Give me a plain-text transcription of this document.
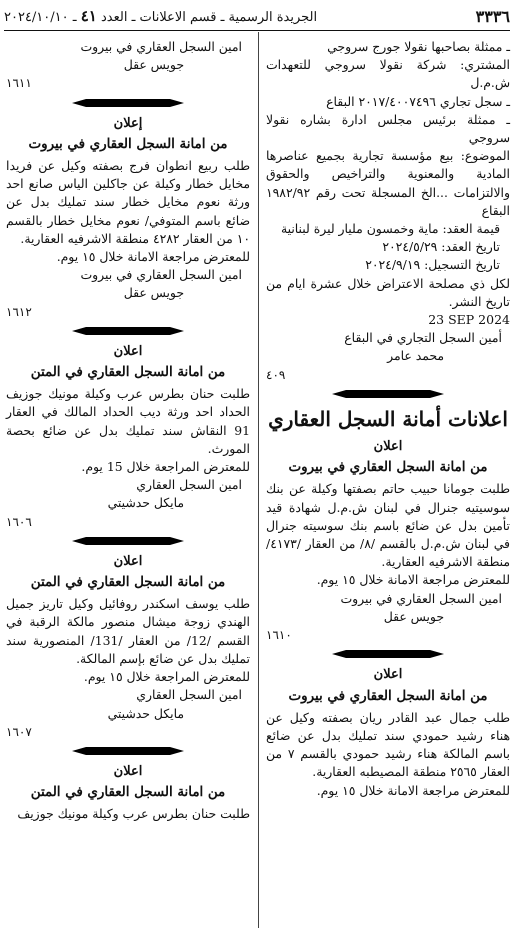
٣٣٣٦
الجريدة الرسمية ـ قسم الاعلانات ـ العدد ٤١ ـ ٢٠٢٤/١٠/١٠

ـ ممثلة بصاحبها نقولا جورج سروجي

المشتري: شركة نقولا سروجي للتعهدات ش.م.ل

ـ سجل تجاري ٢٠١٧/٤٠٠٧٤٩٦ البقاع

ـ ممثلة برئيس مجلس ادارة بشاره نقولا سروجي

الموضوع: بيع مؤسسة تجارية بجميع عناصرها المادية والمعنوية والتراخيص والحقوق والالتزامات ...الخ المسجلة تحت رقم ١٩٨٢/٩٢ البقاع

قيمة العقد: ماية وخمسون مليار ليرة لبنانية

تاريخ العقد: ٢٠٢٤/٥/٢٩

تاريخ التسجيل: ٢٠٢٤/٩/١٩

لكل ذي مصلحة الاعتراض خلال عشرة ايام من تاريخ النشر.

23 SEP 2024

أمين السجل التجاري في البقاع

محمد عامر

٤٠٩

اعلانات أمانة السجل العقاري
اعلان
من امانة السجل العقاري في بيروت

طلبت جومانا حبيب حاتم بصفتها وكيلة عن بنك سوسيتيه جنرال في لبنان ش.م.ل شهادة قيد تأمين بدل عن ضائع باسم بنك سوسيته جنرال في لبنان ش.م.ل بالقسم /٨/ من العقار /٤١٧٣/ منطقة الاشرفيه العقارية.

للمعترض مراجعة الامانة خلال ١٥ يوم.

امين السجل العقاري في بيروت

جويس عقل

١٦١٠

اعلان
من امانة السجل العقاري في بيروت

طلب جمال عبد القادر ريان بصفته وكيل عن هناء رشيد حمودي سند تمليك بدل عن ضائع باسم المالكة هناء رشيد حمودي بالقسم ٧ من العقار ٢٥٦٥ منطقة المصيطبه العقارية.

للمعترض مراجعة الامانة خلال ١٥ يوم.

امين السجل العقاري في بيروت

جويس عقل

١٦١١

إعلان
من امانة السجل العقاري في بيروت

طلب ربيع انطوان فرج بصفته وكيل عن فريدا مخايل خطار وكيلة عن جاكلين الياس صانع احد ورثة نعوم مخايل خطار سند تمليك بدل عن ضائع باسم المتوفي/ نعوم مخايل خطار بالقسم ١٠ من العقار ٤٢٨٢ منطقة الاشرفيه العقارية.

للمعترض مراجعة الامانة خلال ١٥ يوم.

امين السجل العقاري في بيروت

جويس عقل

١٦١٢

اعلان
من امانة السجل العقاري في المتن

طلبت حنان بطرس عرب وكيلة مونيك جوزيف الحداد احد ورثة ديب الحداد المالك في العقار 91 النقاش سند تمليك بدل عن ضائع بحصة المورث.

للمعترض المراجعة خلال 15 يوم.

امين السجل العقاري

مايكل حدشيتي

١٦٠٦

اعلان
من امانة السجل العقاري في المتن

طلب يوسف اسكندر روفائيل وكيل تاريز جميل الهندي زوجة ميشال منصور مالكة الرقبة في القسم /12/ من العقار /131/ المنصورية سند تمليك بدل عن ضائع بإسم المالكة.

للمعترض المراجعة خلال ١٥ يوم.

امين السجل العقاري

مايكل حدشيتي

١٦٠٧

اعلان
من امانة السجل العقاري في المتن

طلبت حنان بطرس عرب وكيلة مونيك جوزيف
